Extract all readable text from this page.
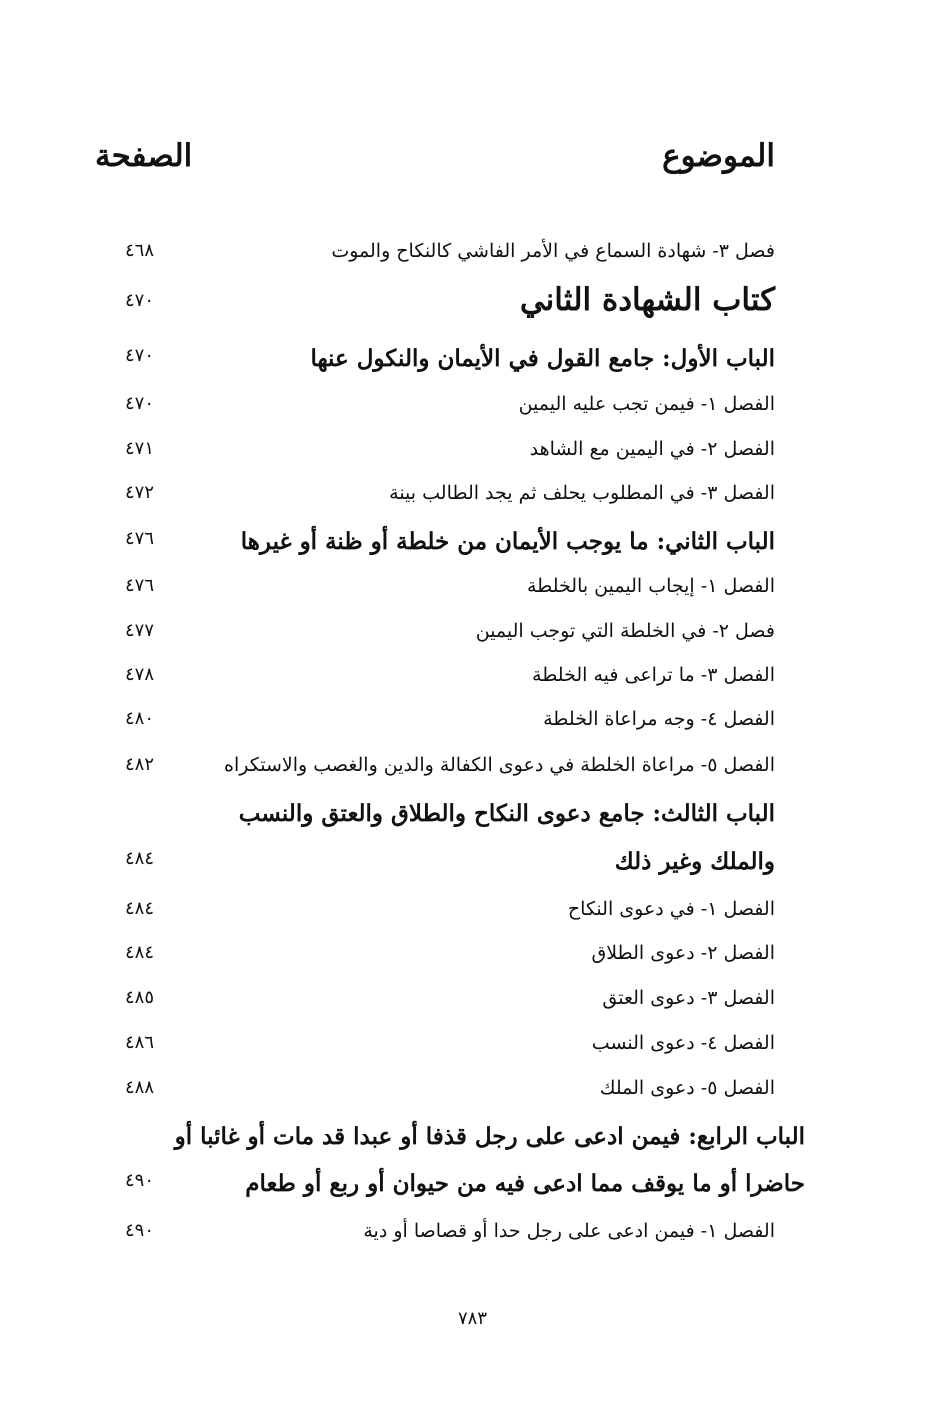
الموضوع
الصفحة
فصل ٣- شهادة السماع في الأمر الفاشي كالنكاح والموت
٤٦٨
كتاب الشهادة الثاني
٤٧٠
الباب الأول: جامع القول في الأيمان والنكول عنها
٤٧٠
الفصل ١- فيمن تجب عليه اليمين
٤٧٠
الفصل ٢- في اليمين مع الشاهد
٤٧١
الفصل ٣- في المطلوب يحلف ثم يجد الطالب بينة
٤٧٢
الباب الثاني: ما يوجب الأيمان من خلطة أو ظنة أو غيرها
٤٧٦
الفصل ١- إيجاب اليمين بالخلطة
٤٧٦
فصل ٢- في الخلطة التي توجب اليمين
٤٧٧
الفصل ٣- ما تراعى فيه الخلطة
٤٧٨
الفصل ٤- وجه مراعاة الخلطة
٤٨٠
الفصل ٥- مراعاة الخلطة في دعوى الكفالة والدين والغصب والاستكراه
٤٨٢
الباب الثالث: جامع دعوى النكاح والطلاق والعتق والنسب
والملك وغير ذلك
٤٨٤
الفصل ١- في دعوى النكاح
٤٨٤
الفصل ٢- دعوى الطلاق
٤٨٤
الفصل ٣- دعوى العتق
٤٨٥
الفصل ٤- دعوى النسب
٤٨٦
الفصل ٥- دعوى الملك
٤٨٨
الباب الرابع: فيمن ادعى على رجل قذفا أو عبدا قد مات أو غائبا أو
حاضرا أو ما يوقف مما ادعى فيه من حيوان أو ربع أو طعام
٤٩٠
الفصل ١- فيمن ادعى على رجل حدا أو قصاصا أو دية
٤٩٠
٧٨٣
